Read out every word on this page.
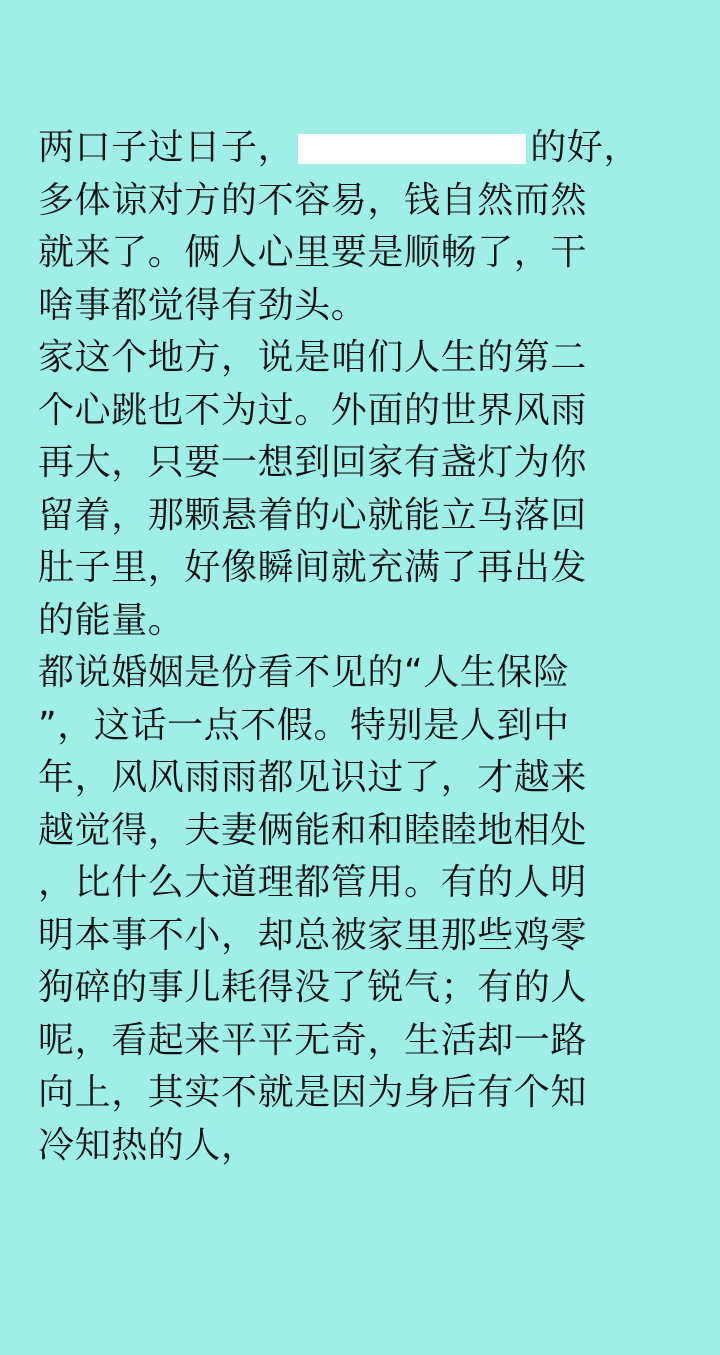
两口子过日子，	的好，
多体谅对方的不容易，钱自然而然
就来了。俩人心里要是顺畅了，干
啥事都觉得有劲头。
家这个地方，说是咱们人生的第二
个心跳也不为过。外面的世界风雨
再大，只要一想到回家有盏灯为你
留着，那颗悬着的心就能立马落回
肚子里，好像瞬间就充满了再出发
的能量。
都说婚姻是份看不见的“人生保险
”，这话一点不假。特别是人到中
年，风风雨雨都见识过了，才越来
越觉得，夫妻俩能和和睦睦地相处
，比什么大道理都管用。有的人明
明本事不小，却总被家里那些鸡零
狗碎的事儿耗得没了锐气；有的人
呢，看起来平平无奇，生活却一路
向上，其实不就是因为身后有个知
冷知热的人，
